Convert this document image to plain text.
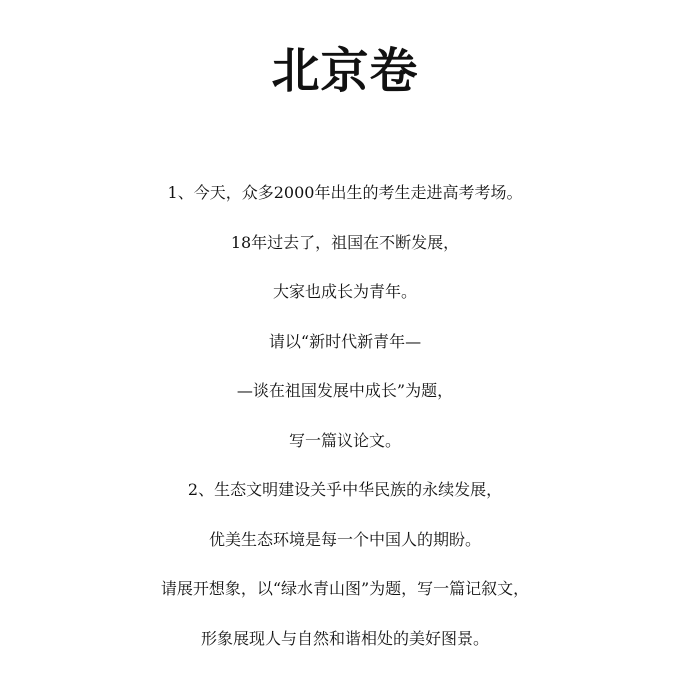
北京卷
1、今天，众多2000年出生的考生走进高考考场。
18年过去了，祖国在不断发展，
大家也成长为青年。
请以“新时代新青年—
—谈在祖国发展中成长”为题，
写一篇议论文。
2、生态文明建设关乎中华民族的永续发展，
优美生态环境是每一个中国人的期盼。
请展开想象，以“绿水青山图”为题，写一篇记叙文，
形象展现人与自然和谐相处的美好图景。
